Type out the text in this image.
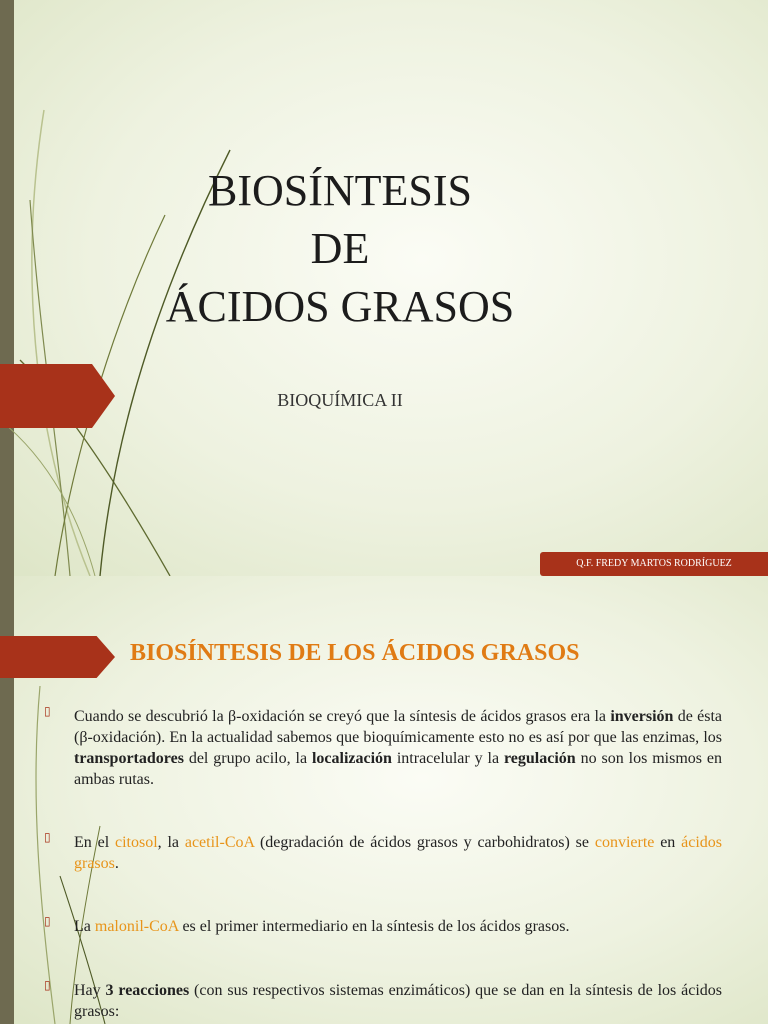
BIOSÍNTESIS
DE
ÁCIDOS GRASOS
BIOQUÍMICA II
Q.F. FREDY MARTOS RODRÍGUEZ
BIOSÍNTESIS DE LOS ÁCIDOS GRASOS
▯	Cuando se descubrió la β-oxidación se creyó que la síntesis de ácidos grasos era la inversión de ésta (β-oxidación). En la actualidad sabemos que bioquímicamente esto no es así por que las enzimas, los transportadores del grupo acilo, la localización intracelular y la regulación no son los mismos en ambas rutas.
▯	En el citosol, la acetil-CoA (degradación de ácidos grasos y carbohidratos) se convierte en ácidos grasos.
▯	La malonil-CoA es el primer intermediario en la síntesis de los ácidos grasos.
▯	Hay 3 reacciones (con sus respectivos sistemas enzimáticos) que se dan en la síntesis de los ácidos grasos:
